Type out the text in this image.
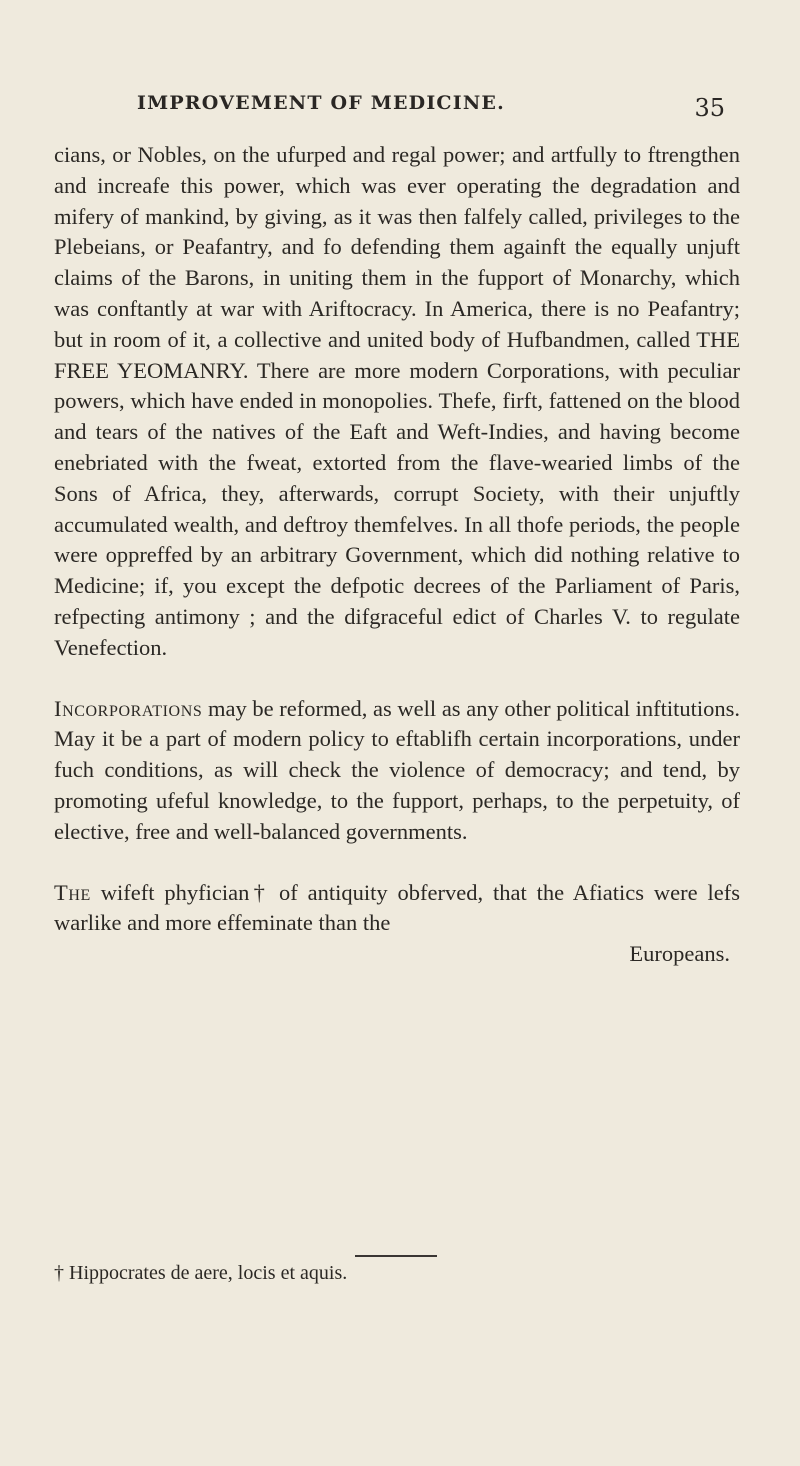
IMPROVEMENT OF MEDICINE.	35

cians, or Nobles, on the ufurped and regal power; and artfully to ftrengthen and increafe this power, which was ever operating the degradation and mifery of mankind, by giving, as it was then falfely called, privileges to the Plebeians, or Peafantry, and fo defending them againft the equally unjuft claims of the Barons, in uniting them in the fupport of Monarchy, which was conftantly at war with Ariftocracy. In America, there is no Peafantry; but in room of it, a collective and united body of Hufbandmen, called THE FREE YEOMANRY. There are more modern Corporations, with peculiar powers, which have ended in monopolies. Thefe, firft, fattened on the blood and tears of the natives of the Eaft and Weft-Indies, and having become enebriated with the fweat, extorted from the flave-wearied limbs of the Sons of Africa, they, afterwards, corrupt Society, with their unjuftly accumulated wealth, and deftroy themfelves. In all thofe periods, the people were oppreffed by an arbitrary Government, which did nothing relative to Medicine; if, you except the defpotic decrees of the Parliament of Paris, refpecting antimony ; and the difgraceful edict of Charles V. to regulate Venefection.

Incorporations may be reformed, as well as any other political inftitutions. May it be a part of modern policy to eftablifh certain incorporations, under fuch conditions, as will check the violence of democracy; and tend, by promoting ufeful knowledge, to the fupport, perhaps, to the perpetuity, of elective, free and well-balanced governments.

The wifeft phyfician† of antiquity obferved, that the Afiatics were lefs warlike and more effeminate than the

Europeans.

† Hippocrates de aere, locis et aquis.
